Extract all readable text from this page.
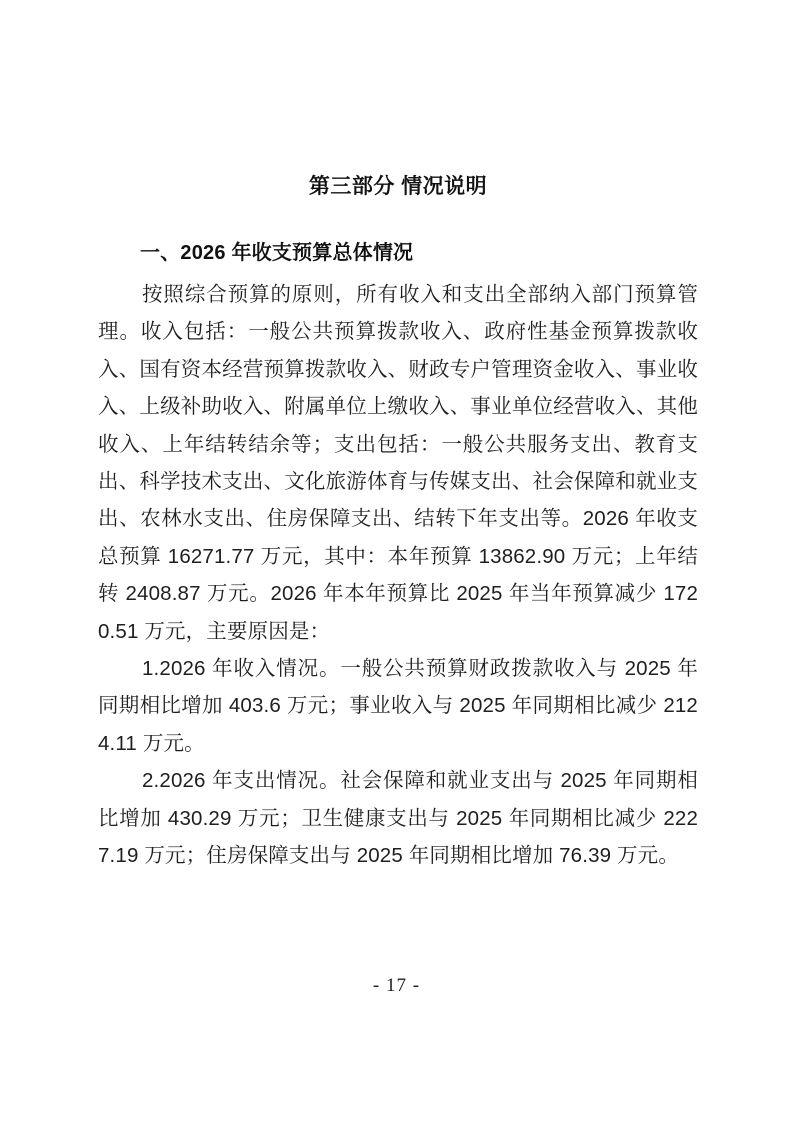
第三部分 情况说明
一、2026 年收支预算总体情况

按照综合预算的原则，所有收入和支出全部纳入部门预算管理。收入包括：一般公共预算拨款收入、政府性基金预算拨款收入、国有资本经营预算拨款收入、财政专户管理资金收入、事业收入、上级补助收入、附属单位上缴收入、事业单位经营收入、其他收入、上年结转结余等；支出包括：一般公共服务支出、教育支出、科学技术支出、文化旅游体育与传媒支出、社会保障和就业支出、农林水支出、住房保障支出、结转下年支出等。2026 年收支总预算 16271.77 万元，其中：本年预算 13862.90 万元；上年结转 2408.87 万元。2026 年本年预算比 2025 年当年预算减少 1720.51 万元，主要原因是：

1.2026 年收入情况。一般公共预算财政拨款收入与 2025 年同期相比增加 403.6 万元；事业收入与 2025 年同期相比减少 2124.11 万元。

2.2026 年支出情况。社会保障和就业支出与 2025 年同期相比增加 430.29 万元；卫生健康支出与 2025 年同期相比减少 2227.19 万元；住房保障支出与 2025 年同期相比增加 76.39 万元。

- 17 -
